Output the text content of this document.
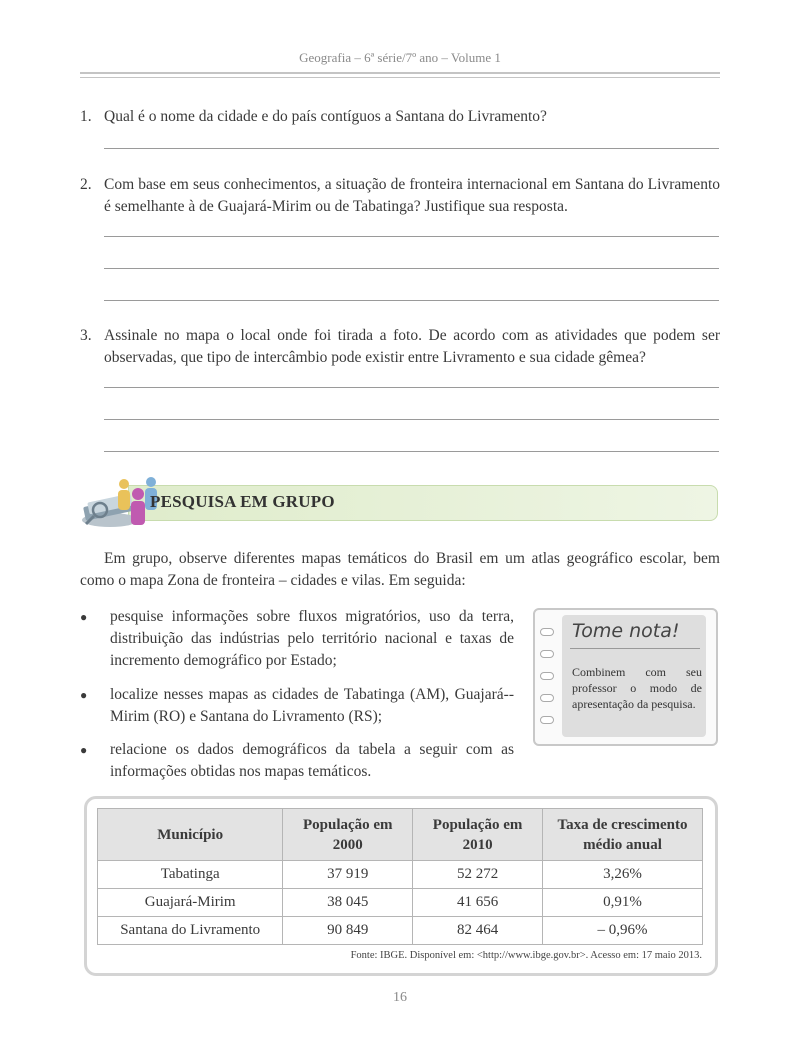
Geografia – 6ª série/7º ano – Volume 1
1. Qual é o nome da cidade e do país contíguos a Santana do Livramento?
2. Com base em seus conhecimentos, a situação de fronteira internacional em Santana do Livramento é semelhante à de Guajará-Mirim ou de Tabatinga? Justifique sua resposta.
3. Assinale no mapa o local onde foi tirada a foto. De acordo com as atividades que podem ser observadas, que tipo de intercâmbio pode existir entre Livramento e sua cidade gêmea?
PESQUISA EM GRUPO
Em grupo, observe diferentes mapas temáticos do Brasil em um atlas geográfico escolar, bem como o mapa Zona de fronteira – cidades e vilas. Em seguida:
● pesquise informações sobre fluxos migratórios, uso da terra, distribuição das indústrias pelo território nacional e taxas de incremento demográfico por Estado;
● localize nesses mapas as cidades de Tabatinga (AM), Guajará--Mirim (RO) e Santana do Livramento (RS);
● relacione os dados demográficos da tabela a seguir com as informações obtidas nos mapas temáticos.
Tome nota!
Combinem com seu professor o modo de apresentação da pesquisa.
Município	População em 2000	População em 2010	Taxa de crescimento médio anual
Tabatinga	37 919	52 272	3,26%
Guajará-Mirim	38 045	41 656	0,91%
Santana do Livramento	90 849	82 464	– 0,96%
Fonte: IBGE. Disponível em: <http://www.ibge.gov.br>. Acesso em: 17 maio 2013.
16
